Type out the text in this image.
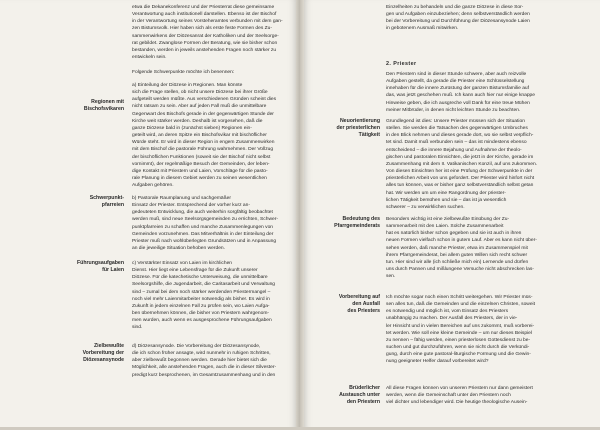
etwa die Dekanekonferenz und der Priesterrat diese gemeinsame
Verantwortung auch institutionell darstellen. Ebenso ist der Bischof
in der Verantwortung seines Vorsteheramtes verbunden mit dem gan-
zen Bistumsvolk. Hier haben sich als erste feste Formen des Zu-
sammenwirkens der Diözesanrat der Katholiken und der Seelsorge-
rat gebildet. Zwanglose Formen der Beratung, wie sie bisher schon
bestanden, werden in jeweils anstehenden Fragen noch stärker zu
entwickeln sein.

Folgende Schwerpunkte möchte ich benennen:

Regionen mit
Bischofsvikaren

a) Einteilung der Diözese in Regionen. Man könnte
sich die Frage stellen, ob nicht unsere Diözese bei ihrer Größe
aufgeteilt werden müßte. Aus verschiedenen Gründen scheint dies
nicht ratsam zu sein. Aber auf jeden Fall muß die unmittelbare
Gegenwart des Bischofs gerade in der gegenwärtigen Stunde der
Kirche weit stärker werden. Deshalb ist vorgesehen, daß die
ganze Diözese bald in (zunächst sieben) Regionen ein-
geteilt wird, an deren Spitze ein Bischofsvikar mit bischöflicher
Würde steht. Er wird in dieser Region in engem Zusammenwirken
mit dem Bischof die pastorale Führung wahrnehmen. Der Vollzug
der bischöflichen Funktionen (soweit sie der Bischof nicht selbst
vornimmt), der regelmäßige Besuch der Gemeinden, der leben-
dige Kontakt mit Priestern und Laien, Vorschläge für die pasto-
rale Planung in diesem Gebiet werden zu seinen wesentlichen
Aufgaben gehören.

Schwerpunkt-
pfarreien

b) Pastorale Raumplanung und sachgemäßer
Einsatz der Priester. Entsprechend der vorher kurz an-
gedeuteten Entwicklung, die auch weiterhin sorgfältig beobachtet
werden muß, sind neue Seelsorgsgemeinden zu errichten, Schwer-
punktpfarreien zu schaffen und manche Zusammenlegungen von
Gemeinden vorzunehmen. Das Mitverhältnis in der Einteilung der
Priester muß nach wohlüberlegten Grundsätzen und in Anpassung
an die jeweilige Situation behoben werden.

Führungsaufgaben
für Laien

c) Verstärkter Einsatz von Laien im kirchlichen
Dienst. Hier liegt eine Lebensfrage für die Zukunft unserer
Diözese. Für die katechetische Unterweisung, die unmittelbare
Seelsorgshilfe, die Jugendarbeit, die Caritasarbeit und Verwaltung
sind – zumal bei dem noch stärker werdenden Priestermangel –
noch viel mehr Laienmitarbeiter notwendig als bisher. Es wird in
Zukunft in jedem einzelnen Fall zu prüfen sein, wo Laien Aufga-
ben übernehmen können, die bisher von Priestern wahrgenom-
men wurden, auch wenn es ausgesprochene Führungsaufgaben
sind.

Zielbewußte
Vorbereitung der
Diözesansynode

d) Diözesansynode. Die Vorbereitung der Diözesansynode,
die ich schon früher ansagte, wird nunmehr in ruhigen Schritten,
aber zielbewußt begonnen werden. Gerade hier bietet sich die
Möglichkeit, alle anstehenden Fragen, auch die in dieser Silvester-
predigt kurz besprochenen, im Gesamtzusammenhang und in den

Einzelheiten zu behandeln und die ganze Diözese in diese Sor-
gen und Aufgaben einzubeziehen; denn selbstverständlich werden
bei der Vorbereitung und Durchführung der Diözesansynode Laien
in gebotenem Ausmaß mitwirken.

2. Priester

Den Priestern sind in dieser Stunde schwere, aber auch reizvolle
Aufgaben gestellt, da gerade die Priester eine Schlüsselstellung
innehaben für die innere Zurüstung der ganzen Bistumsfamilie auf
das, was jetzt geschehen muß. Ich kann auch hier nur einige knappe
Hinweise geben, die ich ausgreche voll Dank für eine treue Mühen
meiner Mitbrüder, in denen nicht leichten Stunde zu beachten.

Neuorientierung
der priesterlichen
Tätigkeit

Grundlegend ist dies: Unsere Priester müssen sich der Situation
stellen. Sie werden die Tatsachen des gegenwärtigen Umbruches
in den Blick nehmen und dieses gerade dort, wo sie selbst verpflich-
tet sind. Damit muß verbunden sein – das ist mindestens ebenso
entscheidend – die innere Bejahung und Aufnahme der theolo-
gischen und pastoralen Einsichten, die jetzt in der Kirche, gerade im
Zusammenhang mit dem II. Vatikanischen Konzil, auf uns zukommen.
Von diesen Einsichten her ist eine Prüfung der Schwerpunkte in der
priesterlichen Arbeit von uns gefordert. Der Priester wird hinfort nicht
alles tun können, was er bisher ganz selbstverständlich selbst getan
hat. Wir werden um um eine Rangordnung der priester-
lichen Tätigkeit bemühen und sie – das ist ja wesentlich
schwerer – zu verwirklichen suchen.

Bedeutung des
Pfarrgemeinderats

Besonders wichtig ist eine zielbewußte Einübung der Zu-
sammenarbeit mit den Laien. Solche Zusammenarbeit
hat es natürlich bisher schon gegeben und sie ist auch in ihren
neuen Formen vielfach schon in gutem Lauf. Aber es kann nicht über-
sehen werden, daß manche Priester, etwa im Zusammenspiel mit
ihrem Pfarrgemeinderat, bei allem guten Willen sich recht schwer
tun. Hier sind wir alle (ich schließe mich ein) Lernende und dürfen
uns durch Pannen und mißlungene Versuche nicht abschrecken las-
sen.

Vorbereitung auf
den Ausfall
des Priesters

Ich möchte sogar noch einen Schritt weitergehen. Wir Priester müs-
sen alles tun, daß die Gemeinden und die einzelnen Christen, soweit
es notwendig und möglich ist, vom Einsatz des Priesters
unabhängig zu machen. Der Ausfall des Priesters, der in vie-
ler Hinsicht und in vielen Bereichen auf uns zukommt, muß vorberei-
tet werden. Wie soll eine kleine Gemeinde – um nur dieses Beispiel
zu nennen – fähig werden, einen priesterlosen Gottesdienst zu be-
suchen und gut durchzuführen, wenn sie nicht durch die Verkündi-
gung, durch eine gute pastoral-liturgische Formung und die Gewin-
nung geeigneter Helfer darauf vorbereitet wird?

Brüderlicher
Austausch unter
den Priestern

All diese Fragen können von unseren Priestern nur dann gemeistert
werden, wenn die Gemeinschaft unter den Priestern noch
viel dichter und lebendiger wird. Die heutige theologische Ausein-
